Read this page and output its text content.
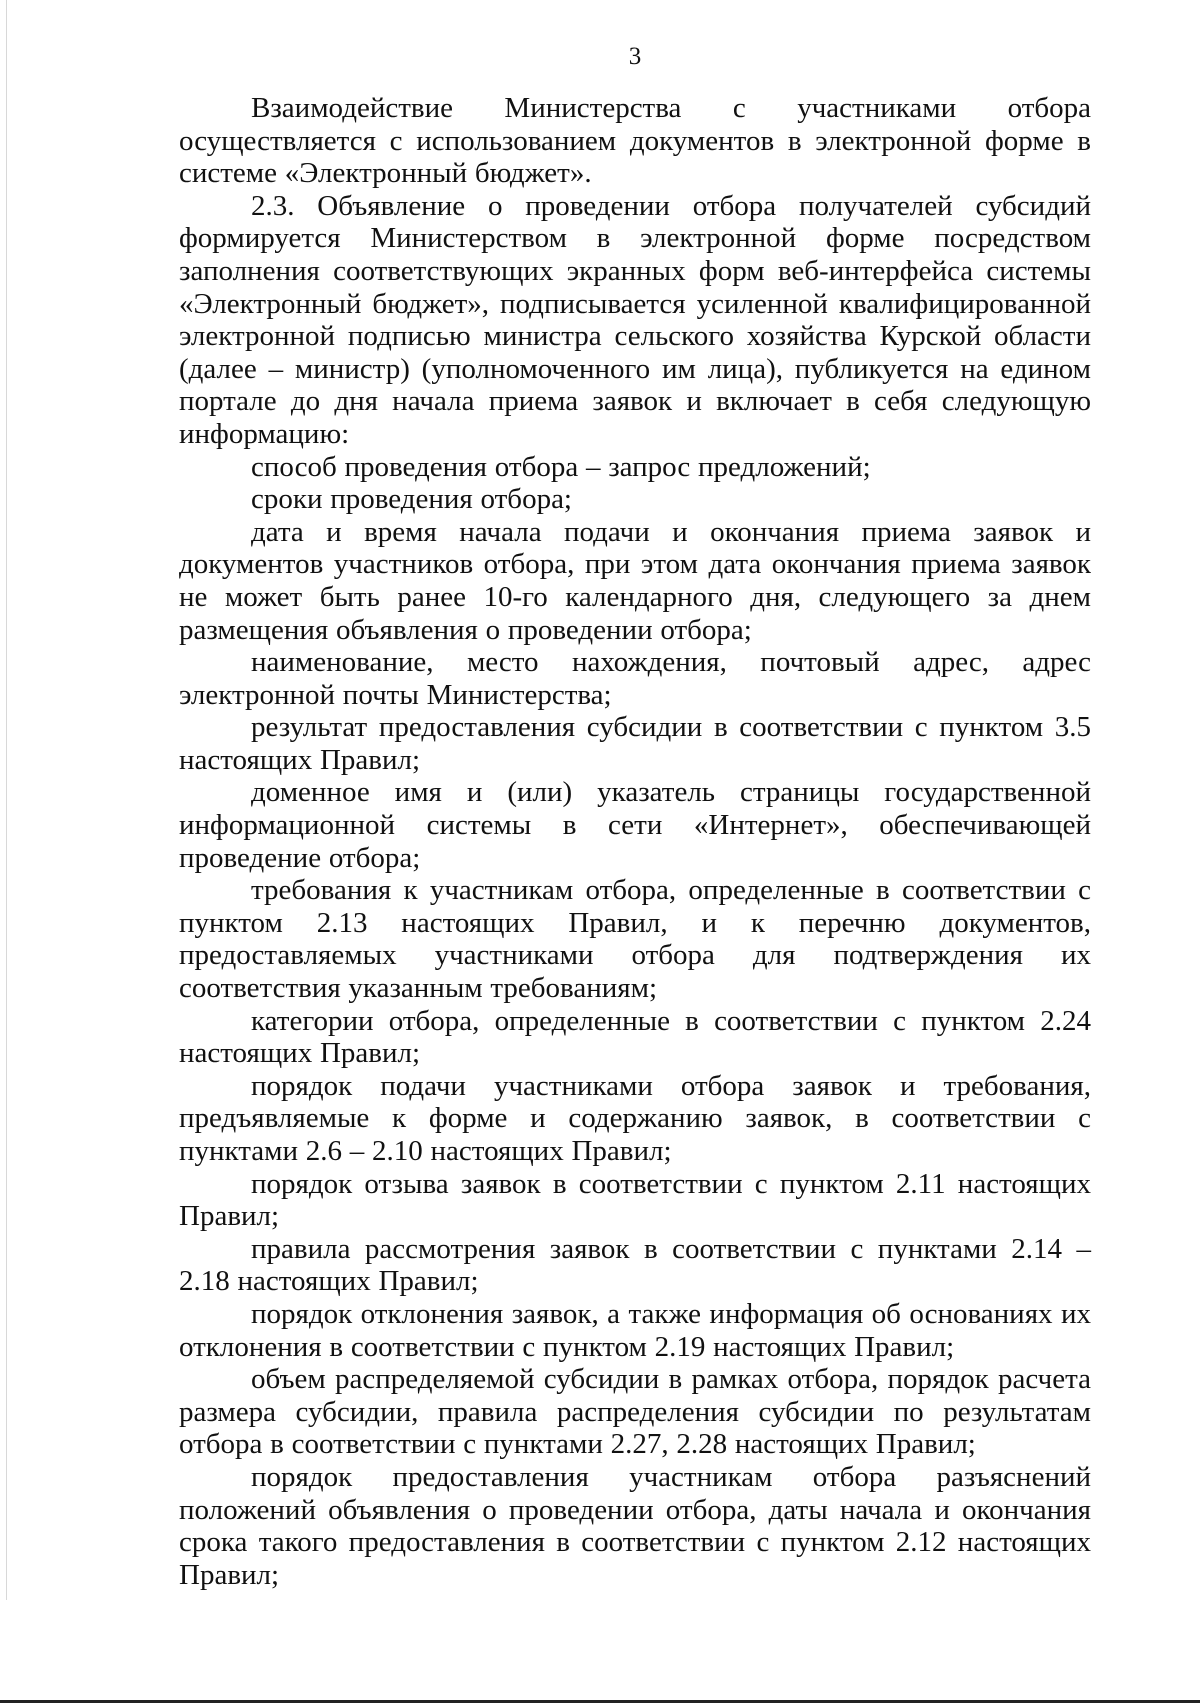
3

Взаимодействие Министерства с участниками отбора осуществляется с использованием документов в электронной форме в системе «Электронный бюджет».

2.3. Объявление о проведении отбора получателей субсидий формируется Министерством в электронной форме посредством заполнения соответствующих экранных форм веб-интерфейса системы «Электронный бюджет», подписывается усиленной квалифицированной электронной подписью министра сельского хозяйства Курской области (далее – министр) (уполномоченного им лица), публикуется на едином портале до дня начала приема заявок и включает в себя следующую информацию:

способ проведения отбора – запрос предложений;

сроки проведения отбора;

дата и время начала подачи и окончания приема заявок и документов участников отбора, при этом дата окончания приема заявок не может быть ранее 10-го календарного дня, следующего за днем размещения объявления о проведении отбора;

наименование, место нахождения, почтовый адрес, адрес электронной почты Министерства;

результат предоставления субсидии в соответствии с пунктом 3.5 настоящих Правил;

доменное имя и (или) указатель страницы государственной информационной системы в сети «Интернет», обеспечивающей проведение отбора;

требования к участникам отбора, определенные в соответствии с пунктом 2.13 настоящих Правил, и к перечню документов, предоставляемых участниками отбора для подтверждения их соответствия указанным требованиям;

категории отбора, определенные в соответствии с пунктом 2.24 настоящих Правил;

порядок подачи участниками отбора заявок и требования, предъявляемые к форме и содержанию заявок, в соответствии с пунктами 2.6 – 2.10 настоящих Правил;

порядок отзыва заявок в соответствии с пунктом 2.11 настоящих Правил;

правила рассмотрения заявок в соответствии с пунктами 2.14 – 2.18 настоящих Правил;

порядок отклонения заявок, а также информация об основаниях их отклонения в соответствии с пунктом 2.19 настоящих Правил;

объем распределяемой субсидии в рамках отбора, порядок расчета размера субсидии, правила распределения субсидии по результатам отбора в соответствии с пунктами 2.27, 2.28 настоящих Правил;

порядок предоставления участникам отбора разъяснений положений объявления о проведении отбора, даты начала и окончания срока такого предоставления в соответствии с пунктом 2.12 настоящих Правил;
